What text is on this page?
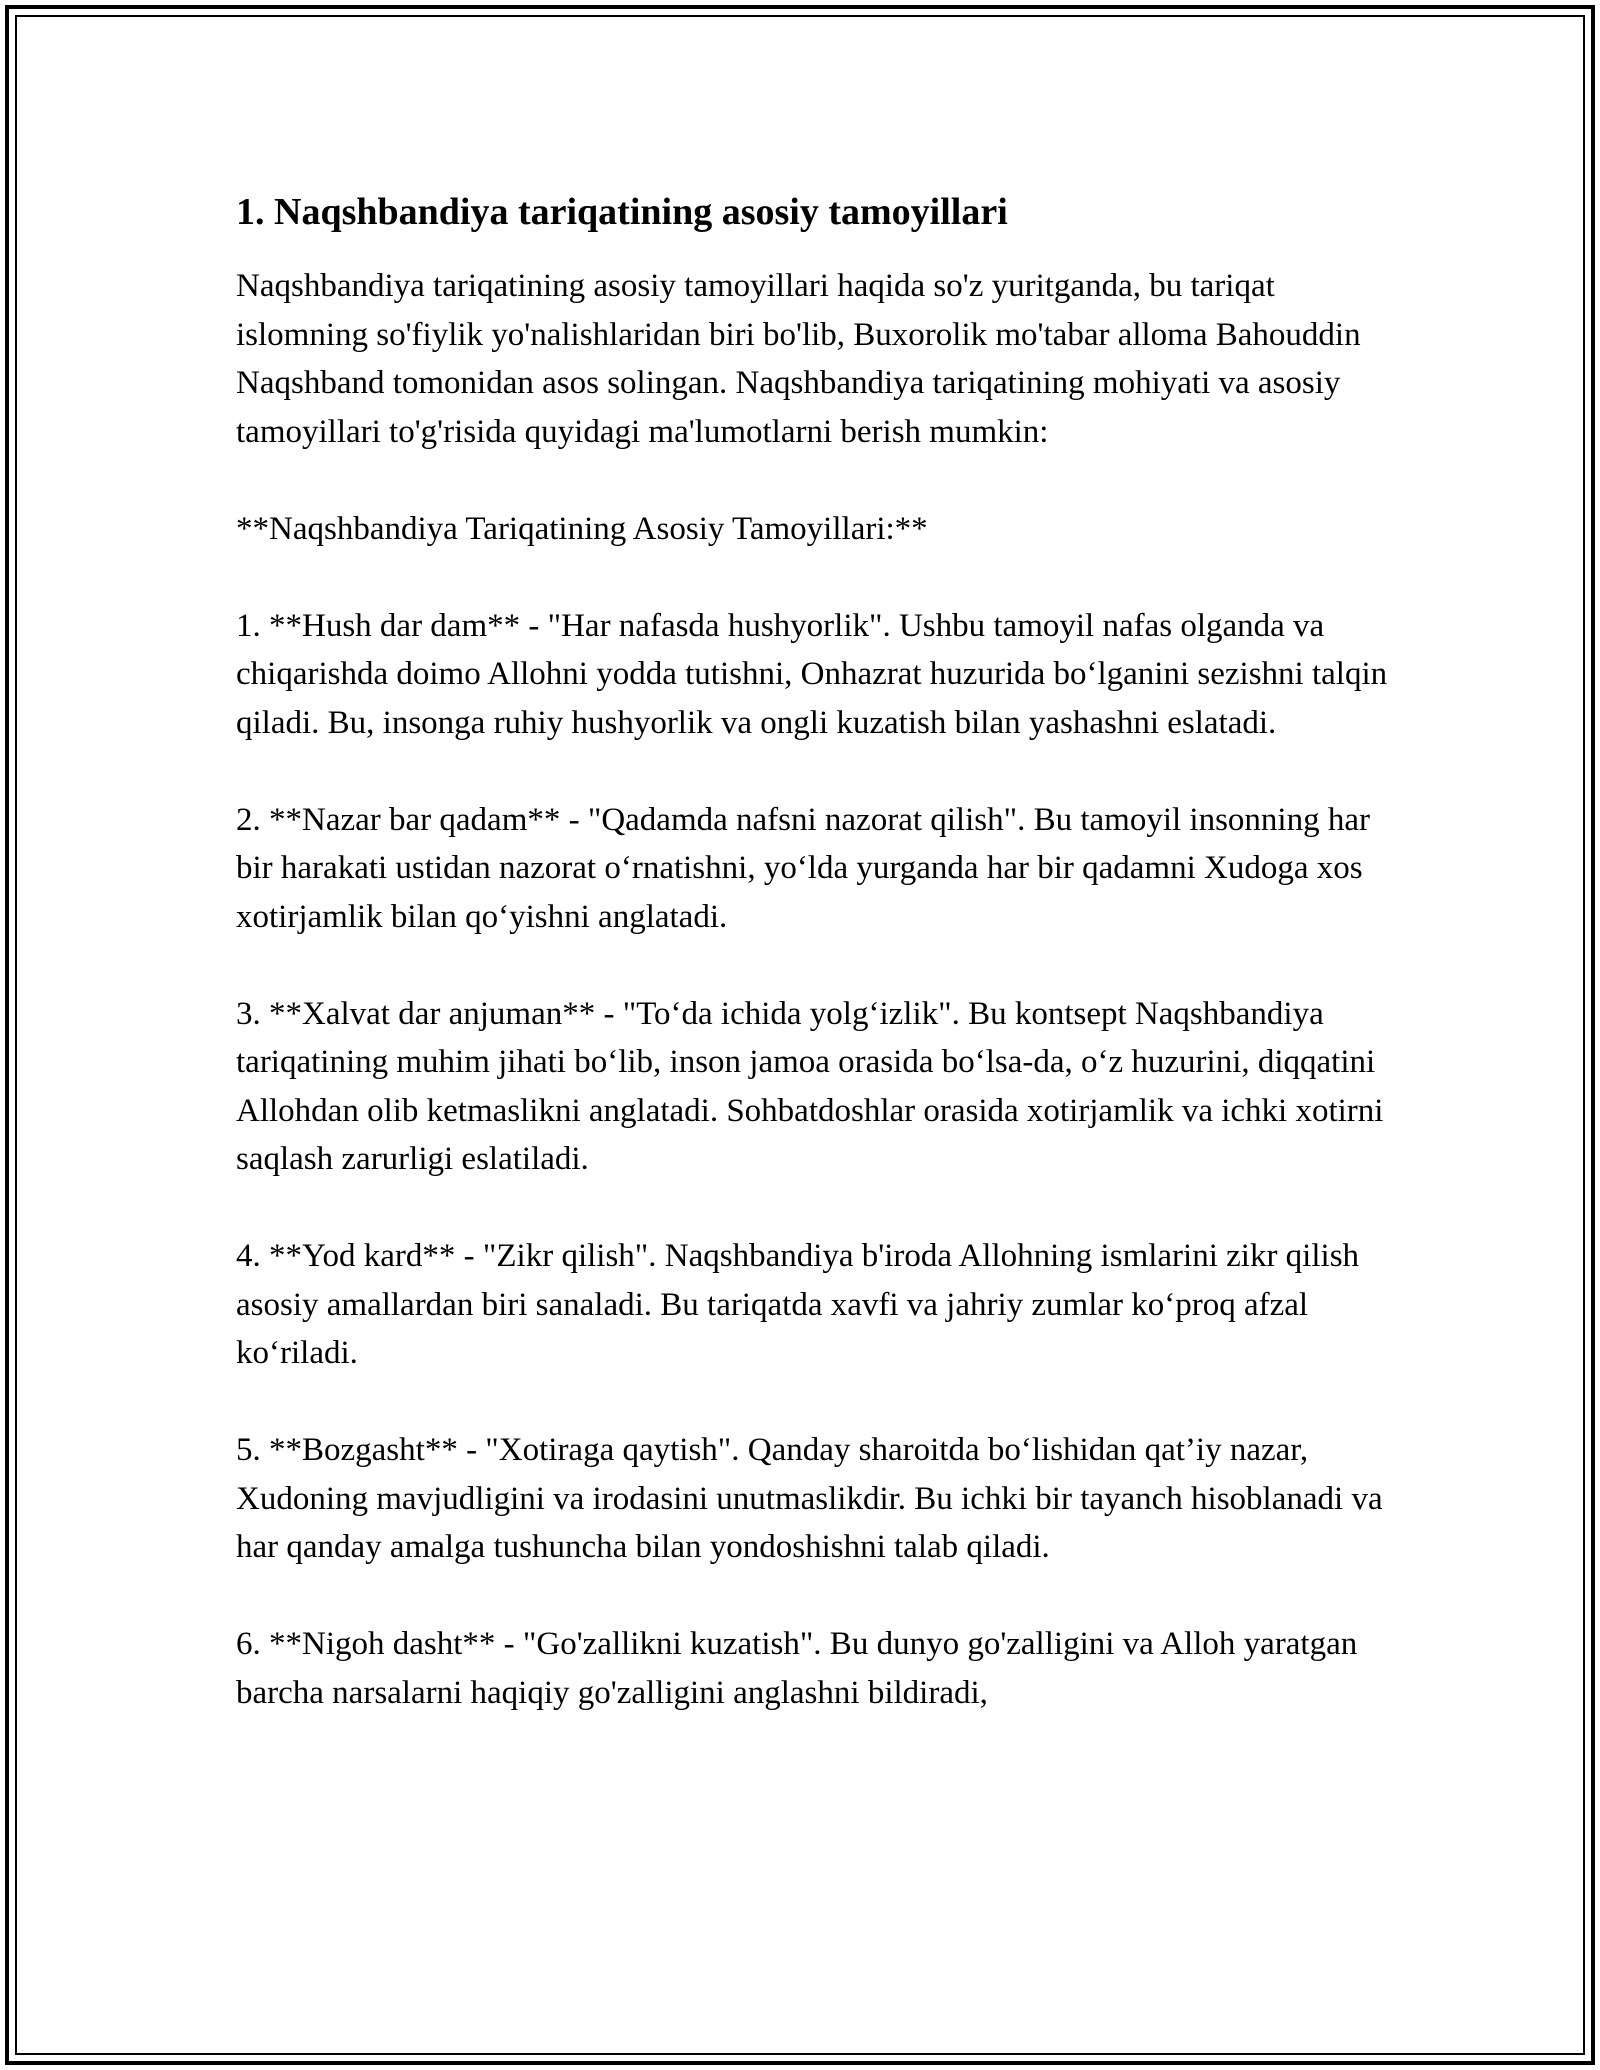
1. Naqshbandiya tariqatining asosiy tamoyillari

Naqshbandiya tariqatining asosiy tamoyillari haqida so'z yuritganda, bu tariqat islomning so'fiylik yo'nalishlaridan biri bo'lib, Buxorolik mo'tabar alloma Bahouddin Naqshband tomonidan asos solingan. Naqshbandiya tariqatining mohiyati va asosiy tamoyillari to'g'risida quyidagi ma'lumotlarni berish mumkin:

**Naqshbandiya Tariqatining Asosiy Tamoyillari:**

1. **Hush dar dam** - "Har nafasda hushyorlik". Ushbu tamoyil nafas olganda va chiqarishda doimo Allohni yodda tutishni, Onhazrat huzurida bo‘lganini sezishni talqin qiladi. Bu, insonga ruhiy hushyorlik va ongli kuzatish bilan yashashni eslatadi.

2. **Nazar bar qadam** - "Qadamda nafsni nazorat qilish". Bu tamoyil insonning har bir harakati ustidan nazorat o‘rnatishni, yo‘lda yurganda har bir qadamni Xudoga xos xotirjamlik bilan qo‘yishni anglatadi.

3. **Xalvat dar anjuman** - "To‘da ichida yolg‘izlik". Bu kontsept Naqshbandiya tariqatining muhim jihati bo‘lib, inson jamoa orasida bo‘lsa-da, o‘z huzurini, diqqatini Allohdan olib ketmaslikni anglatadi. Sohbatdoshlar orasida xotirjamlik va ichki xotirni saqlash zarurligi eslatiladi.

4. **Yod kard** - "Zikr qilish". Naqshbandiya b'iroda Allohning ismlarini zikr qilish asosiy amallardan biri sanaladi. Bu tariqatda xavfi va jahriy zumlar ko‘proq afzal ko‘riladi.

5. **Bozgasht** - "Xotiraga qaytish". Qanday sharoitda bo‘lishidan qat’iy nazar, Xudoning mavjudligini va irodasini unutmaslikdir. Bu ichki bir tayanch hisoblanadi va har qanday amalga tushuncha bilan yondoshishni talab qiladi.

6. **Nigoh dasht** - "Go'zallikni kuzatish". Bu dunyo go'zalligini va Alloh yaratgan barcha narsalarni haqiqiy go'zalligini anglashni bildiradi,
